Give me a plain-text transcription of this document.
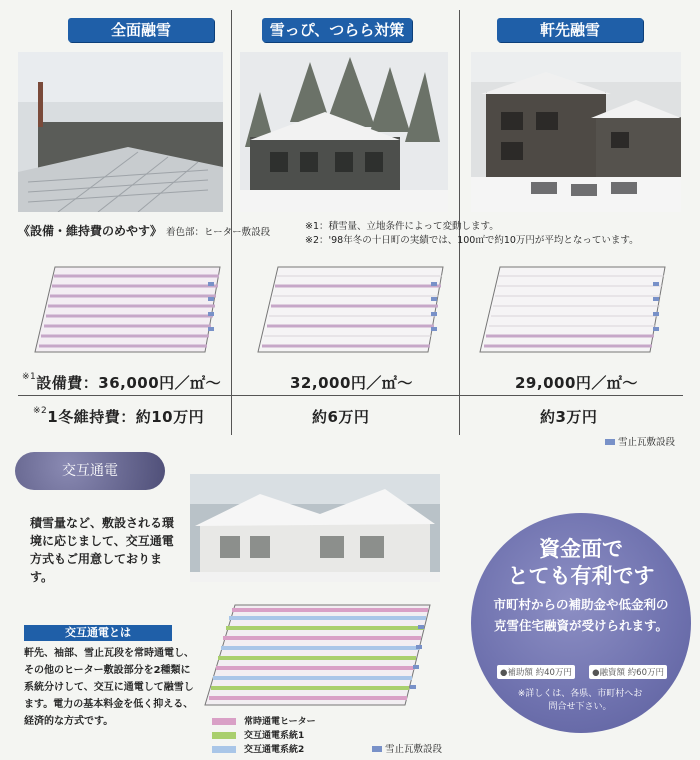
全面融雪	雪っぴ、つらら対策	軒先融雪
《設備・維持費のめやす》 着色部：ヒーター敷設段
※1：積雪量、立地条件によって変動します。
※2：'98年冬の十日町の実績では、100㎡で約10万円が平均となっています。
$^{※1}$設備費：36,000円／㎡〜	32,000円／㎡〜	29,000円／㎡〜
$^{※2}$1冬維持費：約10万円	約6万円	約3万円
雪止瓦敷設段
交互通電
積雪量など、敷設される環境に応じまして、交互通電方式もご用意しております。
交互通電とは
軒先、袖部、雪止瓦段を常時通電し、その他のヒーター敷設部分を2種類に系統分けして、交互に通電して融雪します。電力の基本料金を低く抑える、経済的な方式です。	常時通電ヒーター
交互通電系統1
交互通電系統2	雪止瓦敷設段
資金面で
とても有利です
市町村からの補助金や低金利の克雪住宅融資が受けられます。
●補助額 約40万円	●融資額 約60万円
※詳しくは、各県、市町村へお問合せ下さい。
